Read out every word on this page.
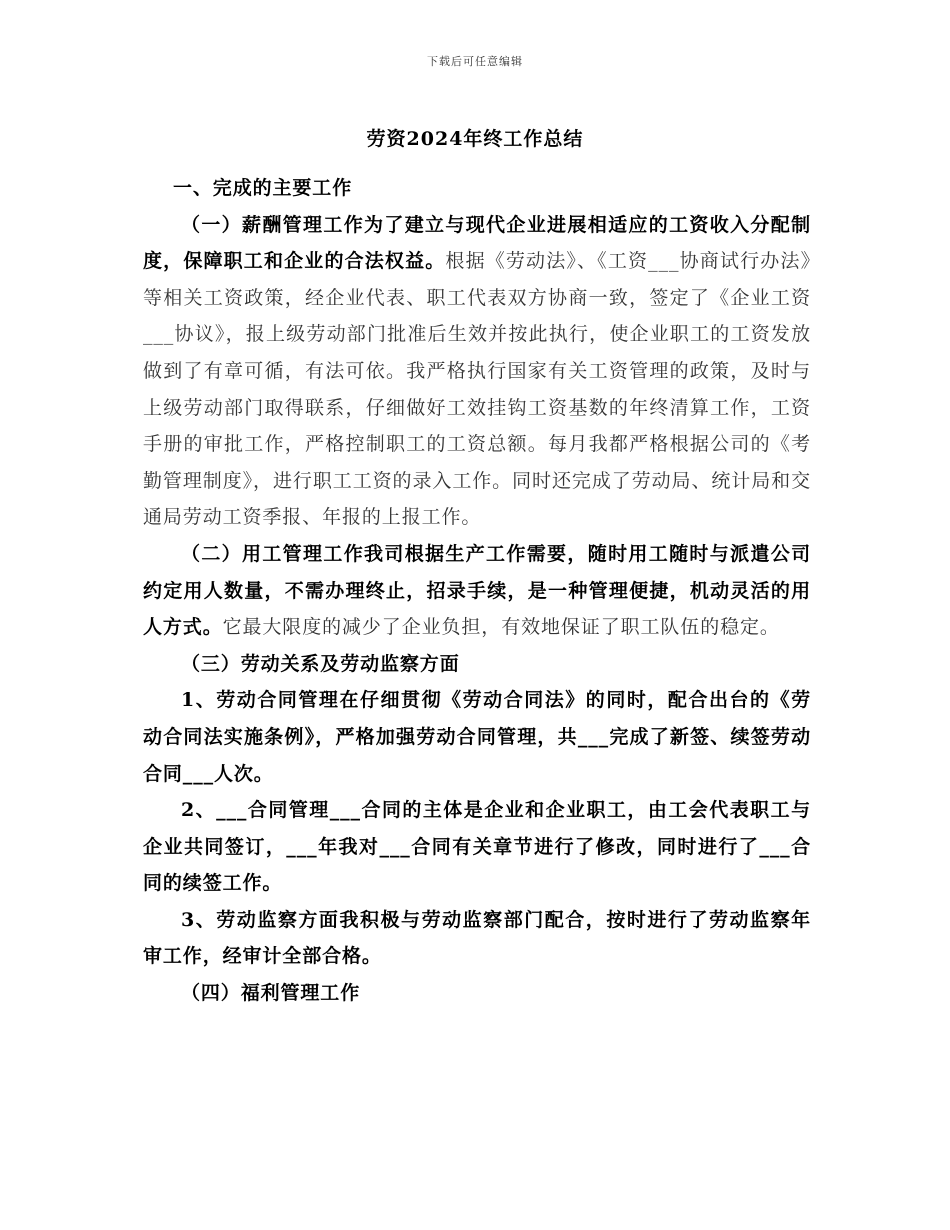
下载后可任意编辑
劳资2024年终工作总结

一、完成的主要工作

（一）薪酬管理工作为了建立与现代企业进展相适应的工资收入分配制度，保障职工和企业的合法权益。根据《劳动法》、《工资___协商试行办法》等相关工资政策，经企业代表、职工代表双方协商一致，签定了《企业工资___协议》，报上级劳动部门批准后生效并按此执行，使企业职工的工资发放做到了有章可循，有法可依。我严格执行国家有关工资管理的政策，及时与上级劳动部门取得联系，仔细做好工效挂钩工资基数的年终清算工作，工资手册的审批工作，严格控制职工的工资总额。每月我都严格根据公司的《考勤管理制度》，进行职工工资的录入工作。同时还完成了劳动局、统计局和交通局劳动工资季报、年报的上报工作。

（二）用工管理工作我司根据生产工作需要，随时用工随时与派遣公司约定用人数量，不需办理终止，招录手续，是一种管理便捷，机动灵活的用人方式。它最大限度的减少了企业负担，有效地保证了职工队伍的稳定。

（三）劳动关系及劳动监察方面

1、劳动合同管理在仔细贯彻《劳动合同法》的同时，配合出台的《劳动合同法实施条例》，严格加强劳动合同管理，共___完成了新签、续签劳动合同___人次。

2、___合同管理___合同的主体是企业和企业职工，由工会代表职工与企业共同签订，___年我对___合同有关章节进行了修改，同时进行了___合同的续签工作。

3、劳动监察方面我积极与劳动监察部门配合，按时进行了劳动监察年审工作，经审计全部合格。

（四）福利管理工作
